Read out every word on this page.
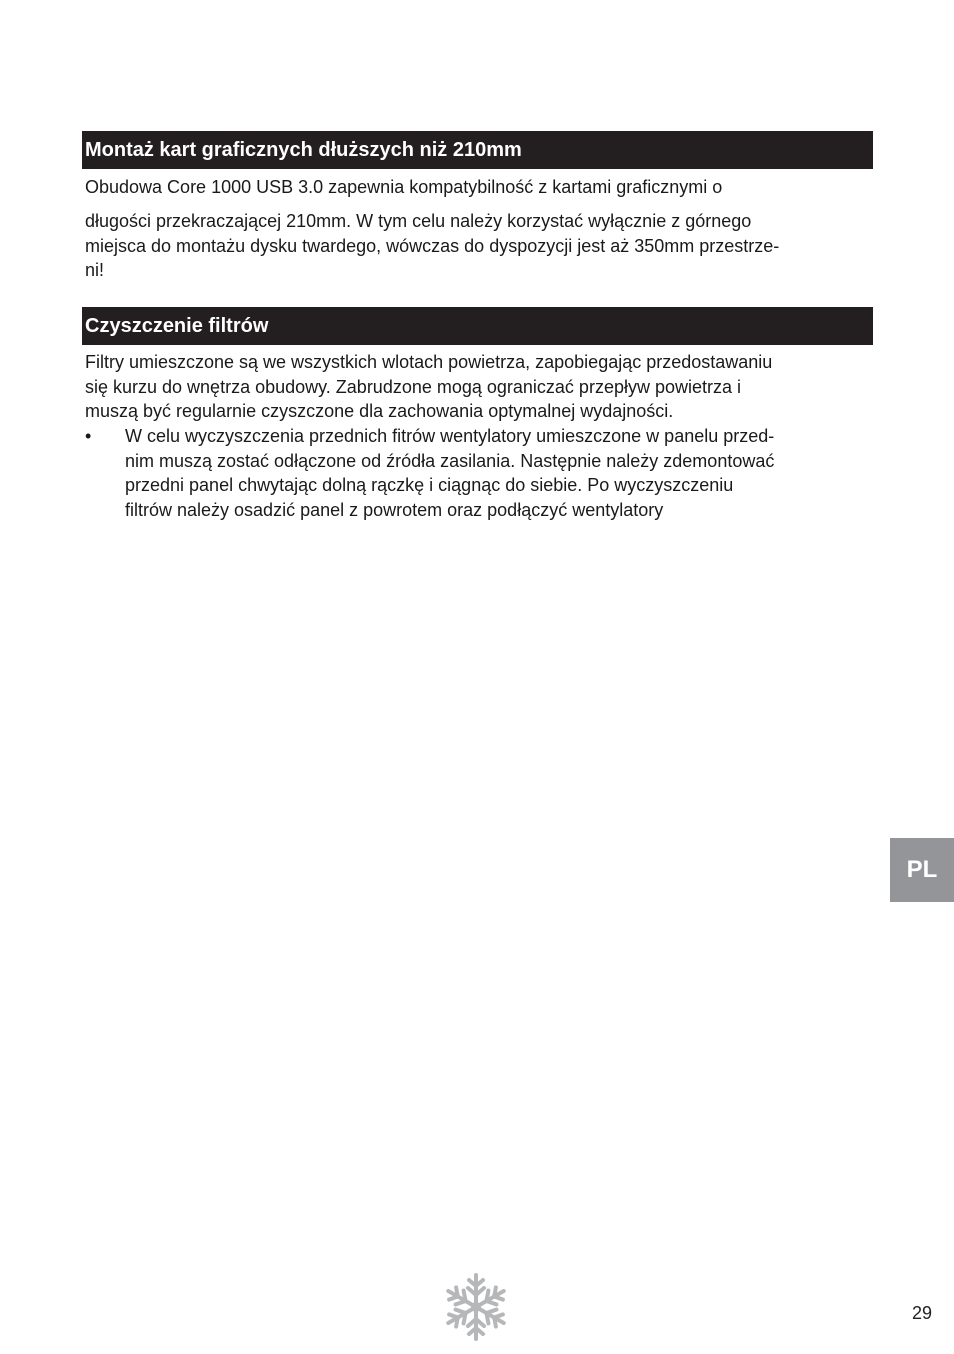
Montaż kart graficznych dłuższych niż 210mm

Obudowa Core 1000 USB 3.0 zapewnia kompatybilność z kartami graficznymi o

długości przekraczającej 210mm. W tym celu należy korzystać wyłącznie z górnego
miejsca do montażu dysku twardego, wówczas do dyspozycji jest aż 350mm przestrze-
ni!

Czyszczenie filtrów

Filtry umieszczone są we wszystkich wlotach powietrza, zapobiegając przedostawaniu
się kurzu do wnętrza obudowy. Zabrudzone mogą ograniczać przepływ powietrza i
muszą być regularnie czyszczone dla zachowania optymalnej wydajności.

• W celu wyczyszczenia przednich fitrów wentylatory umieszczone w panelu przed-
nim muszą zostać odłączone od źródła zasilania. Następnie należy zdemontować
przedni panel chwytając dolną rączkę i ciągnąc do siebie. Po wyczyszczeniu
filtrów należy osadzić panel z powrotem oraz podłączyć wentylatory
PL
29
